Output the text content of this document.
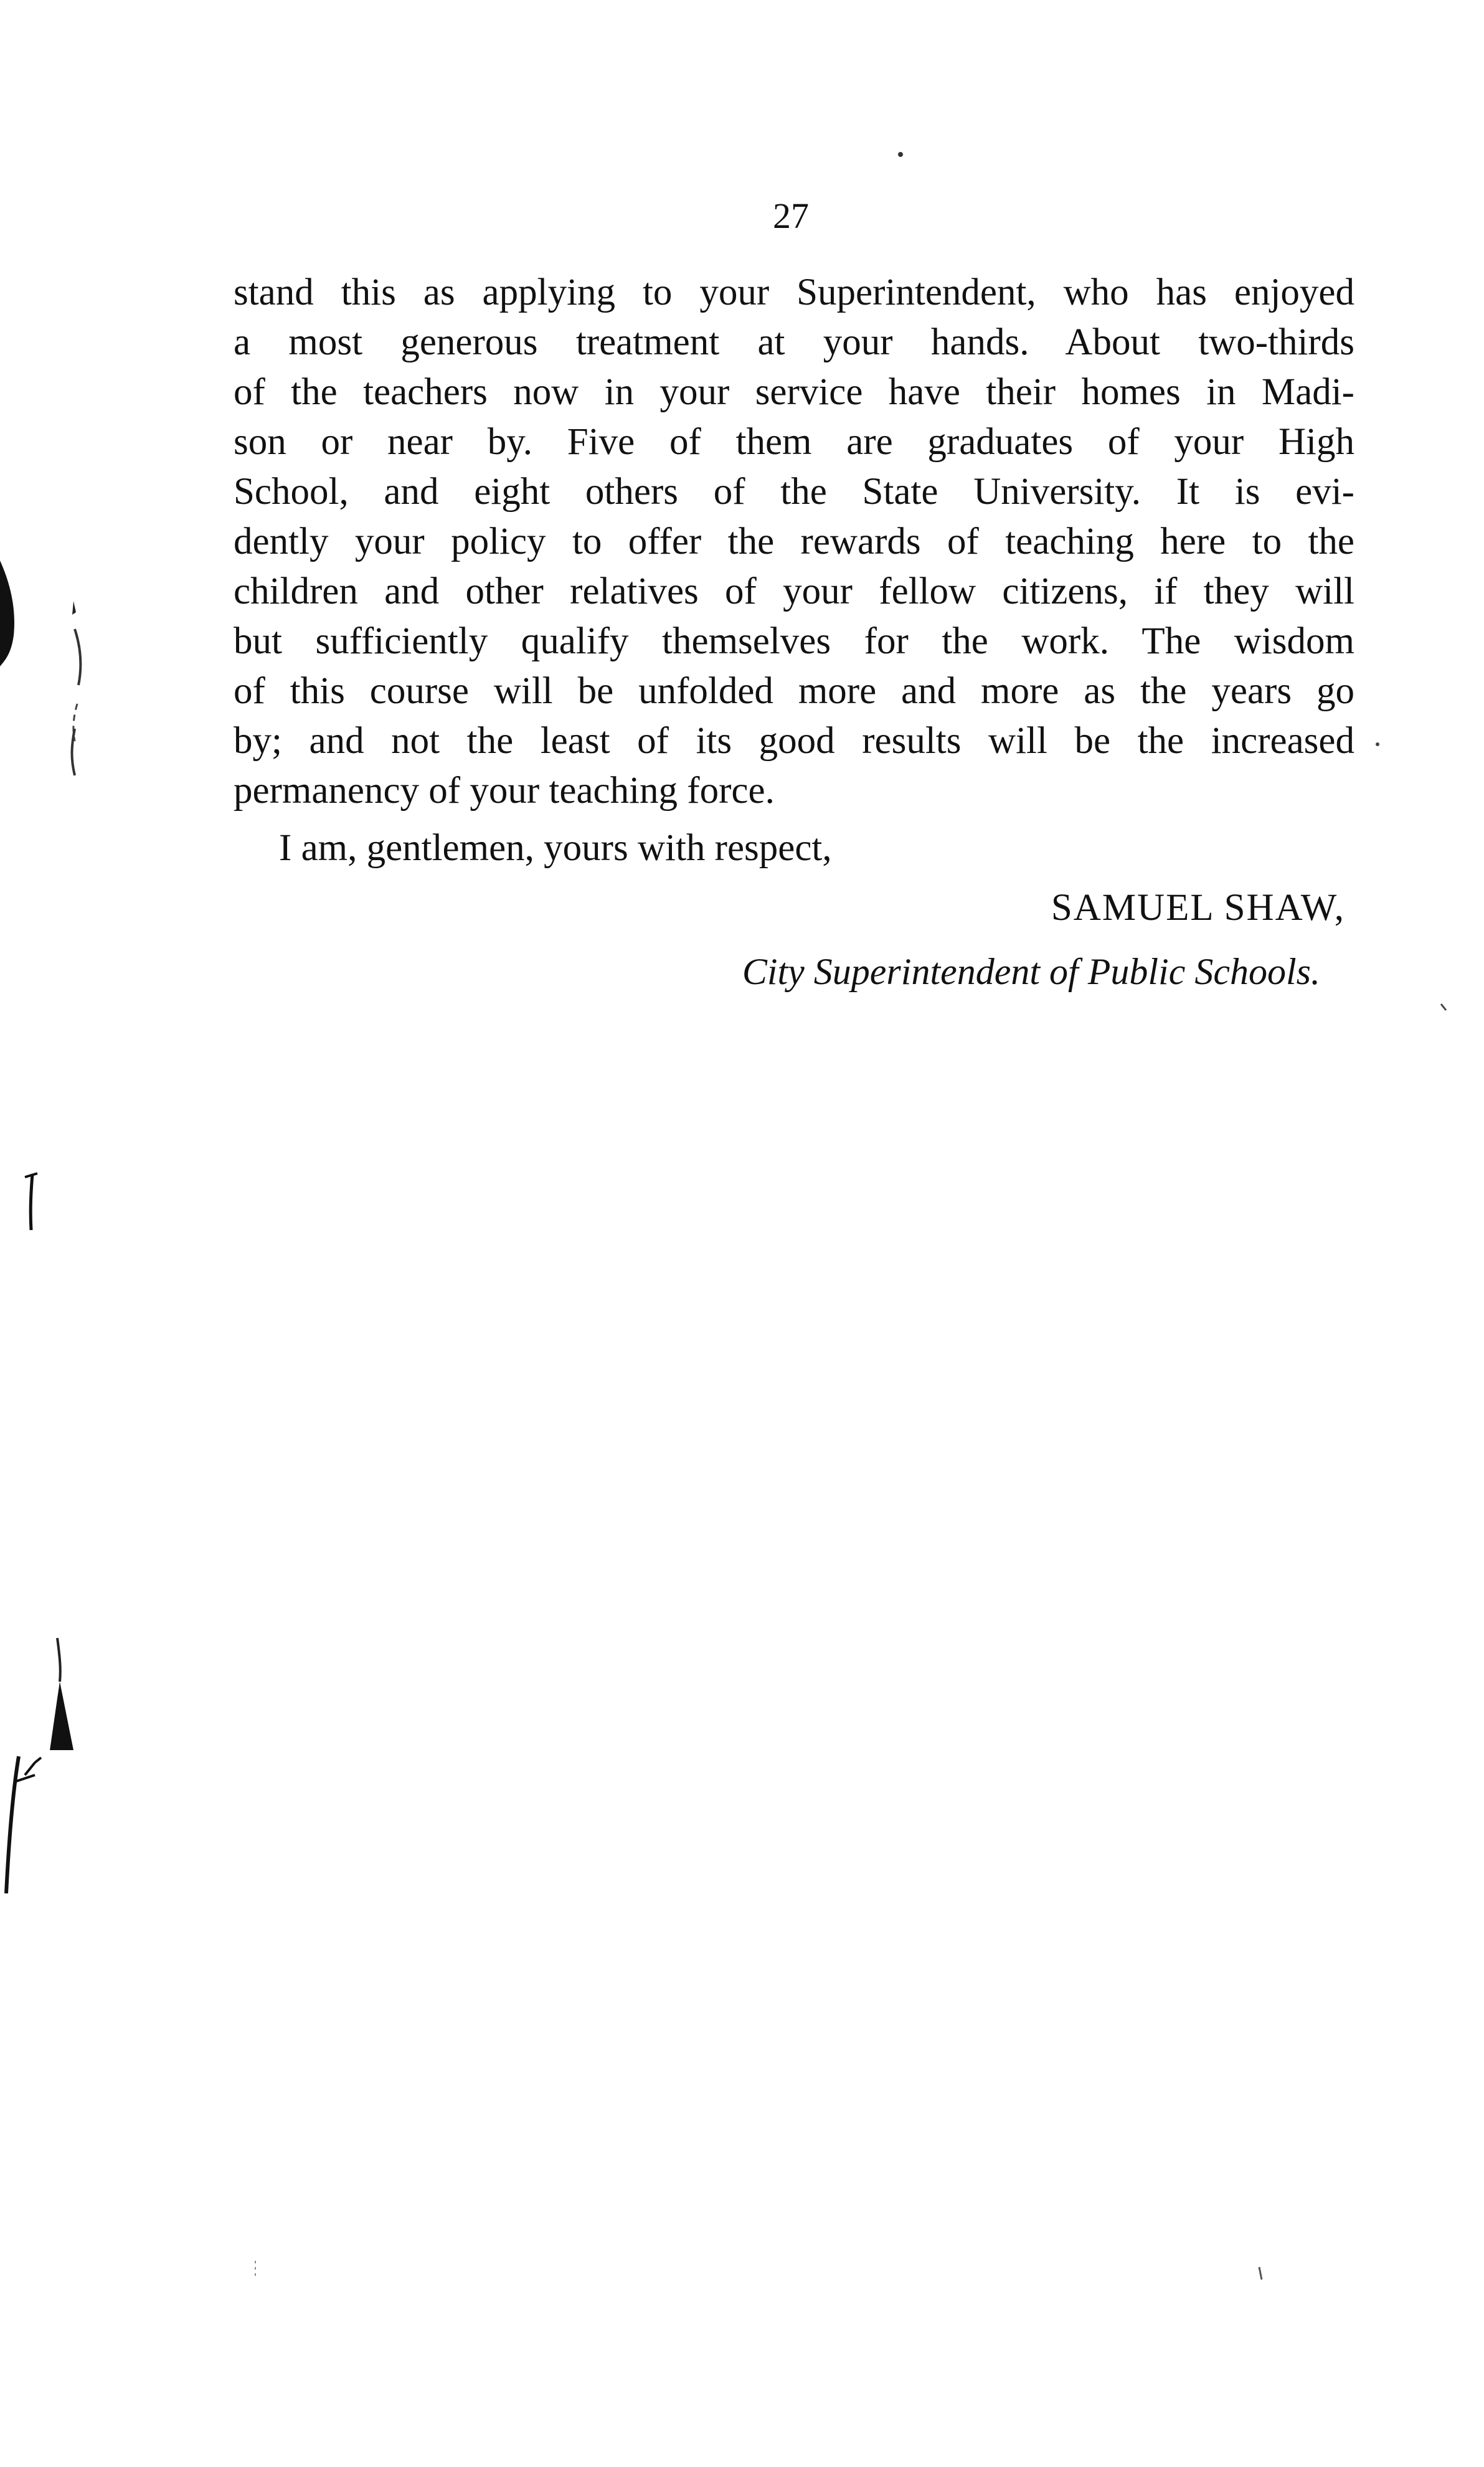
27

stand this as applying to your Superintendent, who has enjoyed
a most generous treatment at your hands. About two-thirds
of the teachers now in your service have their homes in Madi-
son or near by. Five of them are graduates of your High
School, and eight others of the State University. It is evi-
dently your policy to offer the rewards of teaching here to the
children and other relatives of your fellow citizens, if they will
but sufficiently qualify themselves for the work. The wisdom
of this course will be unfolded more and more as the years go
by; and not the least of its good results will be the increased
permanency of your teaching force.

I am, gentlemen, yours with respect,

SAMUEL SHAW,

City Superintendent of Public Schools.
